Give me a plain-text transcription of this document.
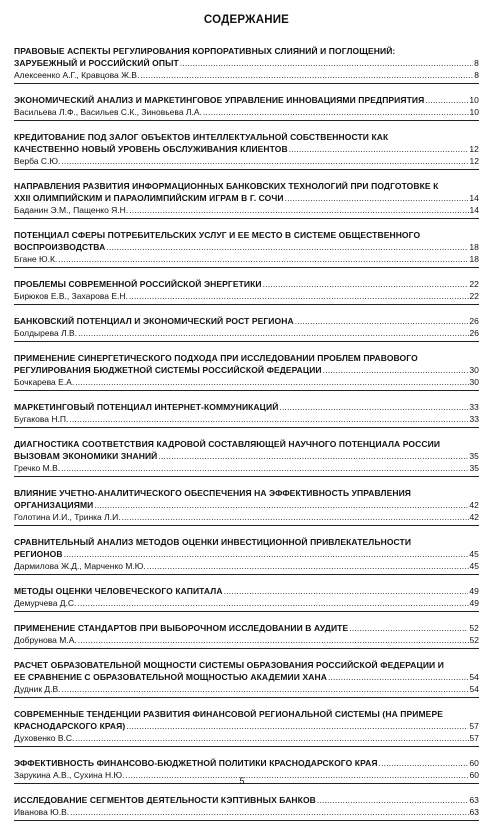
СОДЕРЖАНИЕ
ПРАВОВЫЕ АСПЕКТЫ РЕГУЛИРОВАНИЯ КОРПОРАТИВНЫХ СЛИЯНИЙ И ПОГЛОЩЕНИЙ:
ЗАРУБЕЖНЫЙ И РОССИЙСКИЙ ОПЫТ .....	8
Алексеенко А.Г., Кравцова Ж.В. .....	8
ЭКОНОМИЧЕСКИЙ АНАЛИЗ И МАРКЕТИНГОВОЕ УПРАВЛЕНИЕ ИННОВАЦИЯМИ ПРЕДПРИЯТИЯ .....	10
Васильева Л.Ф., Васильев С.К., Зиновьева Л.А. .....	10
КРЕДИТОВАНИЕ ПОД ЗАЛОГ ОБЪЕКТОВ ИНТЕЛЛЕКТУАЛЬНОЙ СОБСТВЕННОСТИ КАК
КАЧЕСТВЕННО НОВЫЙ УРОВЕНЬ ОБСЛУЖИВАНИЯ КЛИЕНТОВ .....	12
Верба С.Ю. .....	12
НАПРАВЛЕНИЯ РАЗВИТИЯ ИНФОРМАЦИОННЫХ БАНКОВСКИХ ТЕХНОЛОГИЙ ПРИ ПОДГОТОВКЕ К
XXII ОЛИМПИЙСКИМ И ПАРАОЛИМПИЙСКИМ ИГРАМ В Г. СОЧИ .....	14
Баданин Э.М., Пащенко Я.Н. .....	14
ПОТЕНЦИАЛ СФЕРЫ ПОТРЕБИТЕЛЬСКИХ УСЛУГ И ЕЕ МЕСТО В СИСТЕМЕ ОБЩЕСТВЕННОГО
ВОСПРОИЗВОДСТВА .....	18
Бгане Ю.К. .....	18
ПРОБЛЕМЫ СОВРЕМЕННОЙ РОССИЙСКОЙ ЭНЕРГЕТИКИ .....	22
Бирюков Е.В., Захарова Е.Н. .....	22
БАНКОВСКИЙ ПОТЕНЦИАЛ И ЭКОНОМИЧЕСКИЙ РОСТ РЕГИОНА .....	26
Болдырева Л.В. .....	26
ПРИМЕНЕНИЕ СИНЕРГЕТИЧЕСКОГО ПОДХОДА ПРИ ИССЛЕДОВАНИИ ПРОБЛЕМ ПРАВОВОГО
РЕГУЛИРОВАНИЯ БЮДЖЕТНОЙ СИСТЕМЫ РОССИЙСКОЙ ФЕДЕРАЦИИ .....	30
Бочкарева Е.А. .....	30
МАРКЕТИНГОВЫЙ ПОТЕНЦИАЛ ИНТЕРНЕТ-КОММУНИКАЦИЙ .....	33
Бугакова Н.П. .....	33
ДИАГНОСТИКА СООТВЕТСТВИЯ КАДРОВОЙ СОСТАВЛЯЮЩЕЙ НАУЧНОГО ПОТЕНЦИАЛА РОССИИ
ВЫЗОВАМ ЭКОНОМИКИ ЗНАНИЙ .....	35
Гречко М.В. .....	35
ВЛИЯНИЕ УЧЕТНО-АНАЛИТИЧЕСКОГО ОБЕСПЕЧЕНИЯ НА ЭФФЕКТИВНОСТЬ УПРАВЛЕНИЯ
ОРГАНИЗАЦИЯМИ .....	42
Голотина И.И., Тринка Л.И. .....	42
СРАВНИТЕЛЬНЫЙ АНАЛИЗ МЕТОДОВ ОЦЕНКИ ИНВЕСТИЦИОННОЙ ПРИВЛЕКАТЕЛЬНОСТИ
РЕГИОНОВ .....	45
Дармилова Ж.Д., Марченко М.Ю. .....	45
МЕТОДЫ ОЦЕНКИ ЧЕЛОВЕЧЕСКОГО КАПИТАЛА .....	49
Демурчева Д.С. .....	49
ПРИМЕНЕНИЕ СТАНДАРТОВ ПРИ ВЫБОРОЧНОМ ИССЛЕДОВАНИИ В АУДИТЕ .....	52
Добрунова М.А. .....	52
РАСЧЕТ ОБРАЗОВАТЕЛЬНОЙ МОЩНОСТИ СИСТЕМЫ ОБРАЗОВАНИЯ РОССИЙСКОЙ ФЕДЕРАЦИИ И
ЕЕ СРАВНЕНИЕ С ОБРАЗОВАТЕЛЬНОЙ МОЩНОСТЬЮ АКАДЕМИИ ХАНА .....	54
Дудник Д.В. .....	54
СОВРЕМЕННЫЕ ТЕНДЕНЦИИ РАЗВИТИЯ ФИНАНСОВОЙ РЕГИОНАЛЬНОЙ СИСТЕМЫ (НА ПРИМЕРЕ
КРАСНОДАРСКОГО КРАЯ) .....	57
Духовенко В.С. .....	57
ЭФФЕКТИВНОСТЬ ФИНАНСОВО-БЮДЖЕТНОЙ ПОЛИТИКИ КРАСНОДАРСКОГО КРАЯ .....	60
Зарукина А.В., Сухина Н.Ю. .....	60
ИССЛЕДОВАНИЕ СЕГМЕНТОВ ДЕЯТЕЛЬНОСТИ КЭПТИВНЫХ БАНКОВ .....	63
Иванова Ю.В. .....	63
5
